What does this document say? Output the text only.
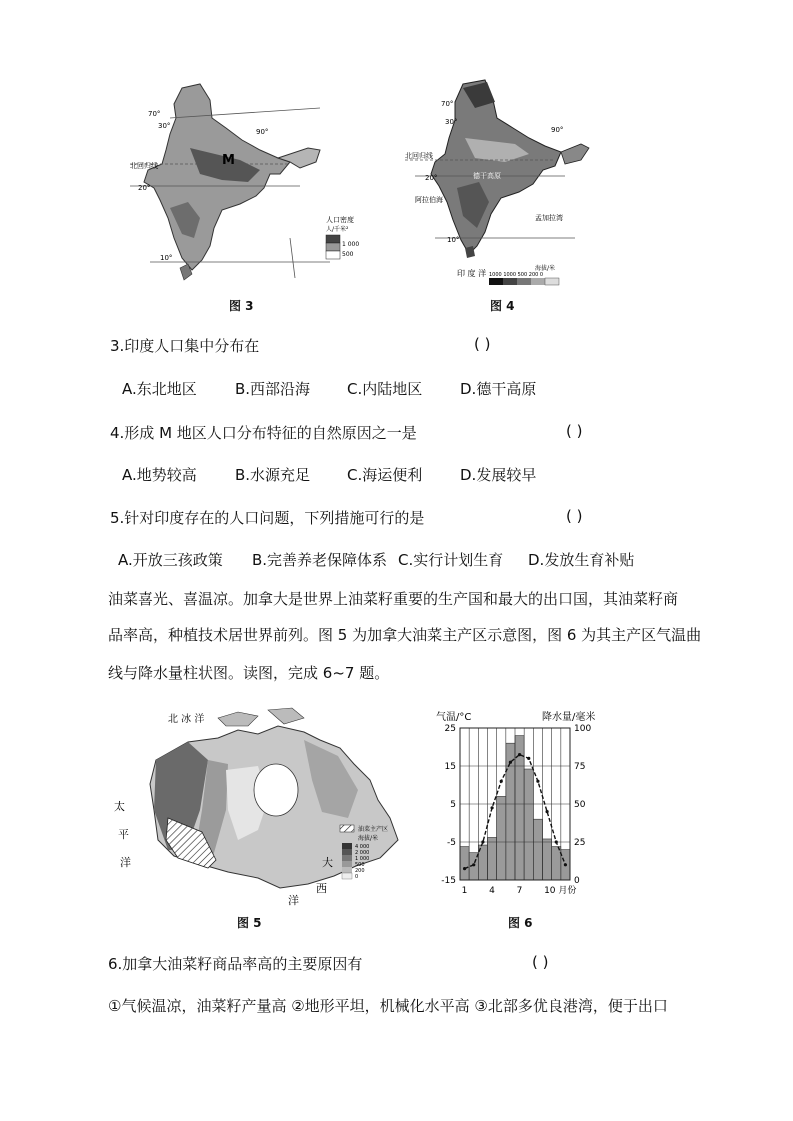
70°
30°
90°
北回归线
20°
10°
M
人口密度
人/千米²
1 000
500
图 3
70°
30°
90°
北回归线
20°
10°
阿拉伯海
德干高原
孟加拉湾
印 度 洋
海拔/米
1000 1000 500 200 0
图 4
3.印度人口集中分布在	( )
A.东北地区	B.西部沿海 C.内陆地区	D.德干高原
4.形成 M 地区人口分布特征的自然原因之一是	( )
A.地势较高	B.水源充足 C.海运便利	D.发展较早
5.针对印度存在的人口问题，下列措施可行的是	( )
A.开放三孩政策 B.完善养老保障体系 C.实行计划生育 D.发放生育补贴
油菜喜光、喜温凉。加拿大是世界上油菜籽重要的生产国和最大的出口国，其油菜籽商
品率高，种植技术居世界前列。图 5 为加拿大油菜主产区示意图，图 6 为其主产区气温曲
线与降水量柱状图。读图，完成 6~7 题。
北 冰 洋
太
平
洋	大
西
洋
油菜主产区
海拔/米
4 000
2 000
1 000
500
200
0
图 5
气温/°C	降水量/毫米
25
15
5
-5
-15
100
75
50
25
0
1 4 7 10 月份
图 6
6.加拿大油菜籽商品率高的主要原因有	( )
①气候温凉，油菜籽产量高 ②地形平坦，机械化水平高 ③北部多优良港湾，便于出口
